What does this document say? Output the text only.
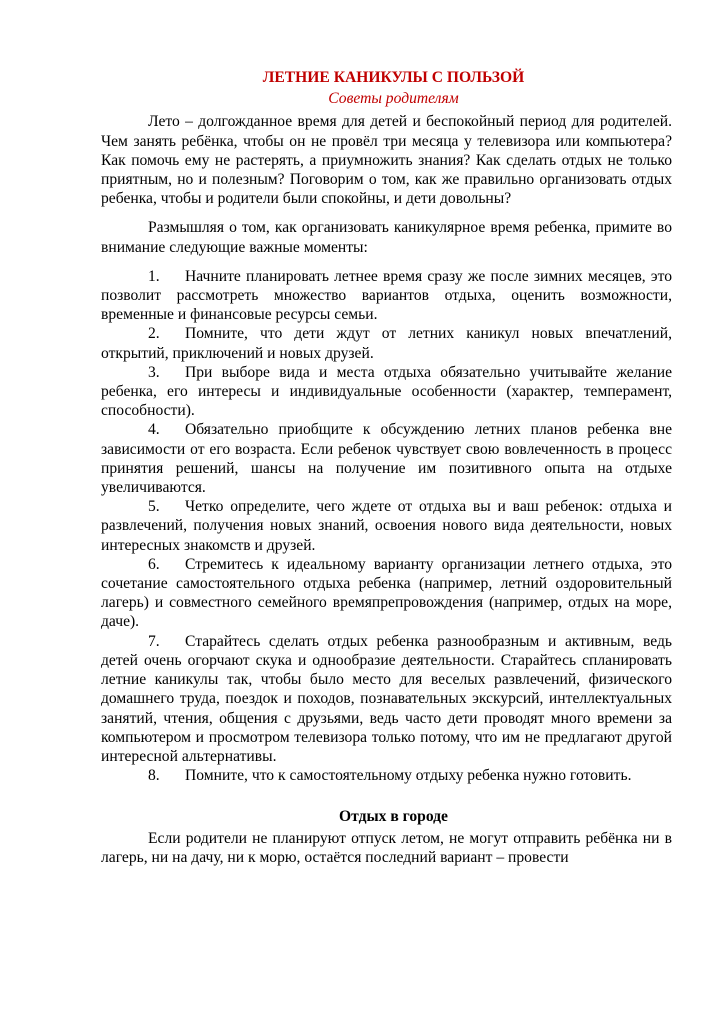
ЛЕТНИЕ КАНИКУЛЫ С ПОЛЬЗОЙ
Советы родителям

Лето – долгожданное время для детей и беспокойный период для родителей. Чем занять ребёнка, чтобы он не провёл три месяца у телевизора или компьютера? Как помочь ему не растерять, а приумножить знания? Как сделать отдых не только приятным, но и полезным? Поговорим о том, как же правильно организовать отдых ребенка, чтобы и родители были спокойны, и дети довольны?

Размышляя о том, как организовать каникулярное время ребенка, примите во внимание следующие важные моменты:

1. Начните планировать летнее время сразу же после зимних месяцев, это позволит рассмотреть множество вариантов отдыха, оценить возможности, временные и финансовые ресурсы семьи.

2. Помните, что дети ждут от летних каникул новых впечатлений, открытий, приключений и новых друзей.

3. При выборе вида и места отдыха обязательно учитывайте желание ребенка, его интересы и индивидуальные особенности (характер, темперамент, способности).

4. Обязательно приобщите к обсуждению летних планов ребенка вне зависимости от его возраста. Если ребенок чувствует свою вовлеченность в процесс принятия решений, шансы на получение им позитивного опыта на отдыхе увеличиваются.

5. Четко определите, чего ждете от отдыха вы и ваш ребенок: отдыха и развлечений, получения новых знаний, освоения нового вида деятельности, новых интересных знакомств и друзей.

6. Стремитесь к идеальному варианту организации летнего отдыха, это сочетание самостоятельного отдыха ребенка (например, летний оздоровительный лагерь) и совместного семейного времяпрепровождения (например, отдых на море, даче).

7. Старайтесь сделать отдых ребенка разнообразным и активным, ведь детей очень огорчают скука и однообразие деятельности. Старайтесь спланировать летние каникулы так, чтобы было место для веселых развлечений, физического домашнего труда, поездок и походов, познавательных экскурсий, интеллектуальных занятий, чтения, общения с друзьями, ведь часто дети проводят много времени за компьютером и просмотром телевизора только потому, что им не предлагают другой интересной альтернативы.

8. Помните, что к самостоятельному отдыху ребенка нужно готовить.

Отдых в городе

Если родители не планируют отпуск летом, не могут отправить ребёнка ни в лагерь, ни на дачу, ни к морю, остаётся последний вариант – провести
